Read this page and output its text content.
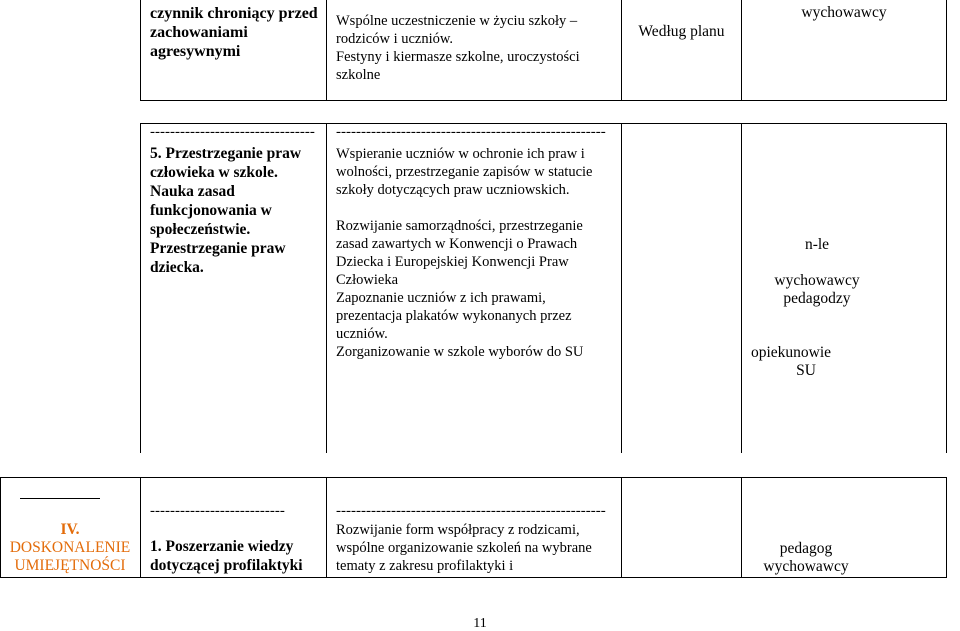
czynnik chroniący przed zachowaniami agresywnymi
Wspólne uczestniczenie w życiu szkoły –
rodziców i uczniów.
Festyny i kiermasze szkolne, uroczystości
szkolne
Według planu
wychowawcy
---------------------------------
5. Przestrzeganie praw
człowieka w szkole.
Nauka zasad
funkcjonowania w
społeczeństwie.
Przestrzeganie praw
dziecka.
------------------------------------------------------
Wspieranie uczniów w ochronie ich praw i
wolności, przestrzeganie zapisów w statucie
szkoły dotyczących praw uczniowskich.
Rozwijanie samorządności, przestrzeganie
zasad zawartych w Konwencji o Prawach
Dziecka i Europejskiej Konwencji Praw
Człowieka
Zapoznanie uczniów z ich prawami,
prezentacja plakatów wykonanych przez
uczniów.
Zorganizowanie w szkole wyborów do SU
n-le
wychowawcy
pedagodzy
opiekunowie
SU
IV.
DOSKONALENIE
UMIEJĘTNOŚCI
---------------------------
1. Poszerzanie wiedzy
dotyczącej profilaktyki
------------------------------------------------------
Rozwijanie form współpracy z rodzicami,
wspólne organizowanie szkoleń na wybrane
tematy z zakresu profilaktyki i
pedagog
wychowawcy
11
